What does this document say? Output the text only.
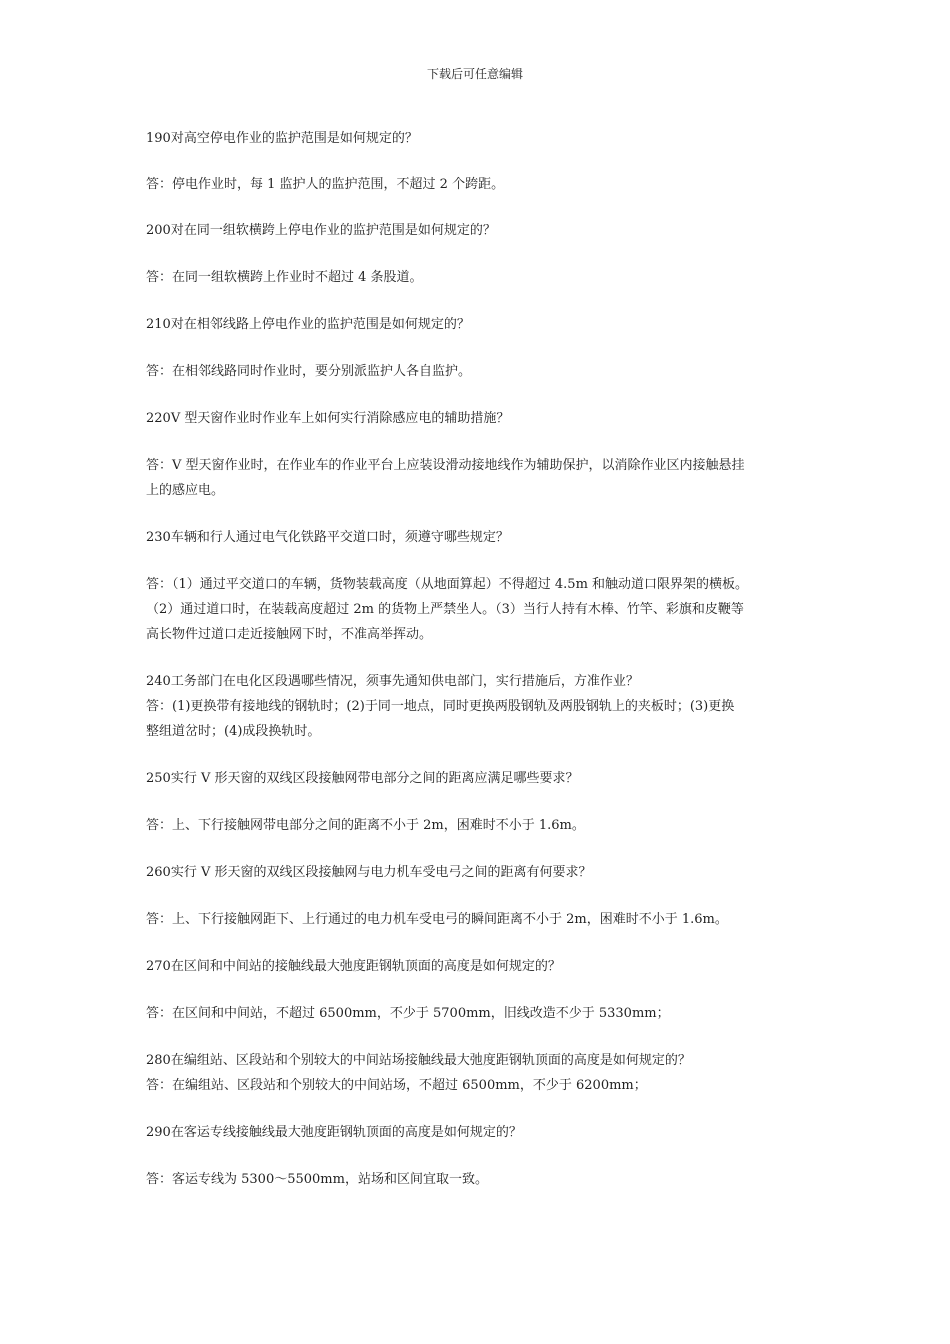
下载后可任意编辑
190对高空停电作业的监护范围是如何规定的？
答：停电作业时，每 1 监护人的监护范围，不超过 2 个跨距。
200对在同一组软横跨上停电作业的监护范围是如何规定的？
答：在同一组软横跨上作业时不超过 4 条股道。
210对在相邻线路上停电作业的监护范围是如何规定的？
答：在相邻线路同时作业时，要分别派监护人各自监护。
220V 型天窗作业时作业车上如何实行消除感应电的辅助措施？
答：V 型天窗作业时，在作业车的作业平台上应装设滑动接地线作为辅助保护，以消除作业区内接触悬挂
上的感应电。
230车辆和行人通过电气化铁路平交道口时，须遵守哪些规定？
答：（1）通过平交道口的车辆，货物装载高度（从地面算起）不得超过 4.5m 和触动道口限界架的横板。
（2）通过道口时，在装载高度超过 2m 的货物上严禁坐人。（3）当行人持有木棒、竹竿、彩旗和皮鞭等
高长物件过道口走近接触网下时，不准高举挥动。
240工务部门在电化区段遇哪些情况，须事先通知供电部门，实行措施后，方准作业？
答：(1)更换带有接地线的钢轨时；(2)于同一地点，同时更换两股钢轨及两股钢轨上的夹板时；(3)更换
整组道岔时；(4)成段换轨时。
250实行 V 形天窗的双线区段接触网带电部分之间的距离应满足哪些要求？
答：上、下行接触网带电部分之间的距离不小于 2m，困难时不小于 1.6m。
260实行 V 形天窗的双线区段接触网与电力机车受电弓之间的距离有何要求？
答：上、下行接触网距下、上行通过的电力机车受电弓的瞬间距离不小于 2m，困难时不小于 1.6m。
270在区间和中间站的接触线最大弛度距钢轨顶面的高度是如何规定的？
答：在区间和中间站，不超过 6500mm，不少于 5700mm，旧线改造不少于 5330mm；
280在编组站、区段站和个别较大的中间站场接触线最大弛度距钢轨顶面的高度是如何规定的？
答：在编组站、区段站和个别较大的中间站场，不超过 6500mm，不少于 6200mm；
290在客运专线接触线最大弛度距钢轨顶面的高度是如何规定的？
答：客运专线为 5300～5500mm，站场和区间宜取一致。
